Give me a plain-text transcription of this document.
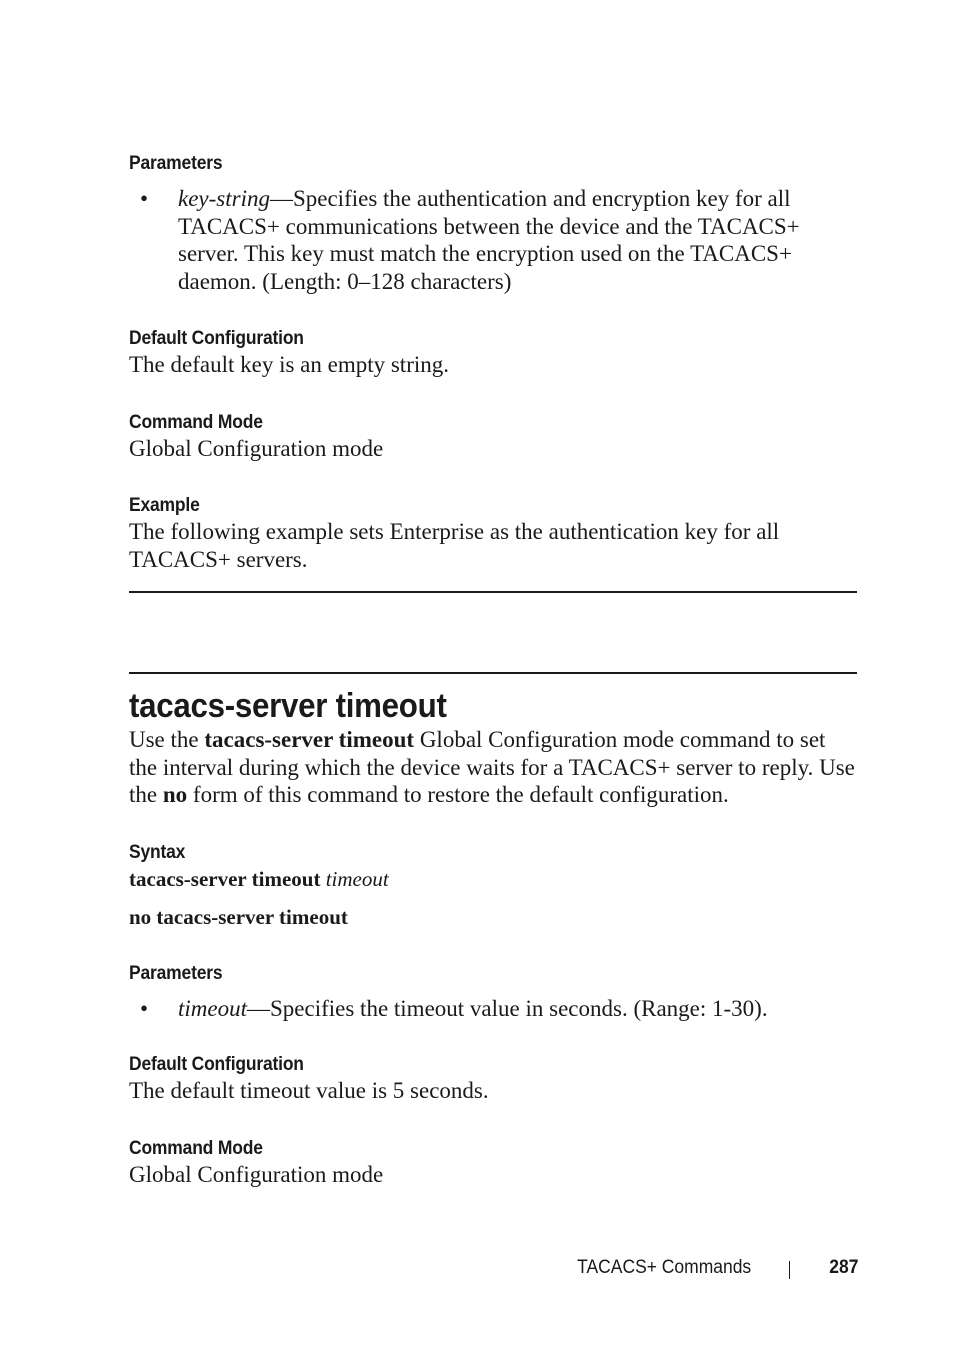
Parameters
• key-string—Specifies the authentication and encryption key for all TACACS+ communications between the device and the TACACS+ server. This key must match the encryption used on the TACACS+ daemon. (Length: 0–128 characters)
Default Configuration

The default key is an empty string.

Command Mode

Global Configuration mode

Example

The following example sets Enterprise as the authentication key for all TACACS+ servers.

tacacs-server timeout

Use the tacacs-server timeout Global Configuration mode command to set the interval during which the device waits for a TACACS+ server to reply. Use the no form of this command to restore the default configuration.

Syntax

tacacs-server timeout timeout

no tacacs-server timeout

Parameters
• timeout—Specifies the timeout value in seconds. (Range: 1-30).
Default Configuration

The default timeout value is 5 seconds.

Command Mode

Global Configuration mode

TACACS+ Commands	287
